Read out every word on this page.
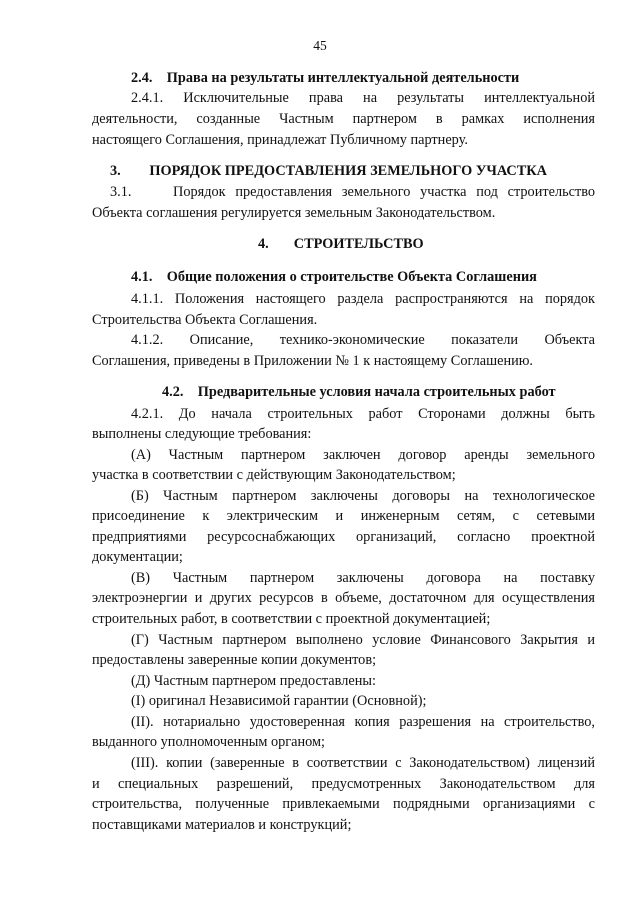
45
2.4. Права на результаты интеллектуальной деятельности
2.4.1. Исключительные права на результаты интеллектуальной
деятельности, созданные Частным партнером в рамках исполнения
настоящего Соглашения, принадлежат Публичному партнеру.
3. ПОРЯДОК ПРЕДОСТАВЛЕНИЯ ЗЕМЕЛЬНОГО УЧАСТКА
3.1.	Порядок предоставления земельного участка под строительство
Объекта соглашения регулируется земельным Законодательством.
4. СТРОИТЕЛЬСТВО
4.1. Общие положения о строительстве Объекта Соглашения
4.1.1. Положения настоящего раздела распространяются на порядок
Строительства Объекта Соглашения.
4.1.2. Описание, технико-экономические показатели Объекта
Соглашения, приведены в Приложении № 1 к настоящему Соглашению.
4.2. Предварительные условия начала строительных работ
4.2.1. До начала строительных работ Сторонами должны быть
выполнены следующие требования:
(А) Частным партнером заключен договор аренды земельного
участка в соответствии с действующим Законодательством;
(Б) Частным партнером заключены договоры на технологическое
присоединение к электрическим и инженерным сетям, с сетевыми
предприятиями ресурсоснабжающих организаций, согласно проектной
документации;
(В) Частным партнером заключены договора на поставку
электроэнергии и других ресурсов в объеме, достаточном для осуществления
строительных работ, в соответствии с проектной документацией;
(Г) Частным партнером выполнено условие Финансового Закрытия и
предоставлены заверенные копии документов;
(Д) Частным партнером предоставлены:
(I) оригинал Независимой гарантии (Основной);
(II). нотариально удостоверенная копия разрешения на строительство,
выданного уполномоченным органом;
(III). копии (заверенные в соответствии с Законодательством) лицензий
и специальных разрешений, предусмотренных Законодательством для
строительства, полученные привлекаемыми подрядными организациями с
поставщиками материалов и конструкций;
